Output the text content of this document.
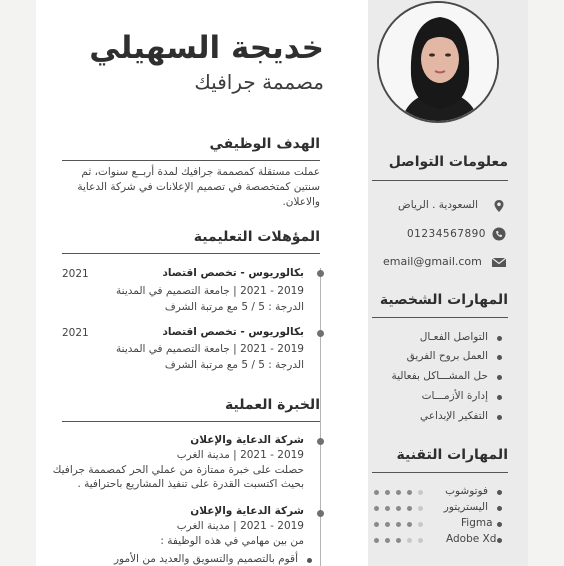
خديجة السهيلي
مصممة جرافيك
الهدف الوظيفي
عملت مستقلة كمصممة جرافيك لمدة أربــع سنوات، ثم
سنتين كمتخصصة في تصميم الإعلانات في شركة الدعاية
والاعلان.
المؤهلات التعليمية
بكالوريوس - تخصص اقتصاد
2021
2019 - 2021 | جامعة التصميم في المدينة
الدرجة : 5 / 5 مع مرتبة الشرف
بكالوريوس - تخصص اقتصاد
2021
2019 - 2021 | جامعة التصميم في المدينة
الدرجة : 5 / 5 مع مرتبة الشرف
الخبرة العملية
شركة الدعاية والإعلان
2019 - 2021 | مدينة الغرب
حصلت على خبرة ممتازة من عملي الحر كمصممة جرافيك
بحيث اكتسبت القدرة على تنفيذ المشاريع باحترافية .
شركة الدعاية والإعلان
2019 - 2021 | مدينة الغرب
من بين مهامي في هذه الوظيفة :
أقوم بالتصميم والتسويق والعديد من الأمور
معلومات التواصل
السعودية . الرياض
01234567890
email@gmail.com
المهارات الشخصية
التواصل الفعـال
العمل بروح الفريق
حل المشـــاكل بفعالية
إدارة الأزمـــات
التفكير الإبداعي
المهارات التقنية
فوتوشوب
اليستريتور
Figma
Adobe Xd
